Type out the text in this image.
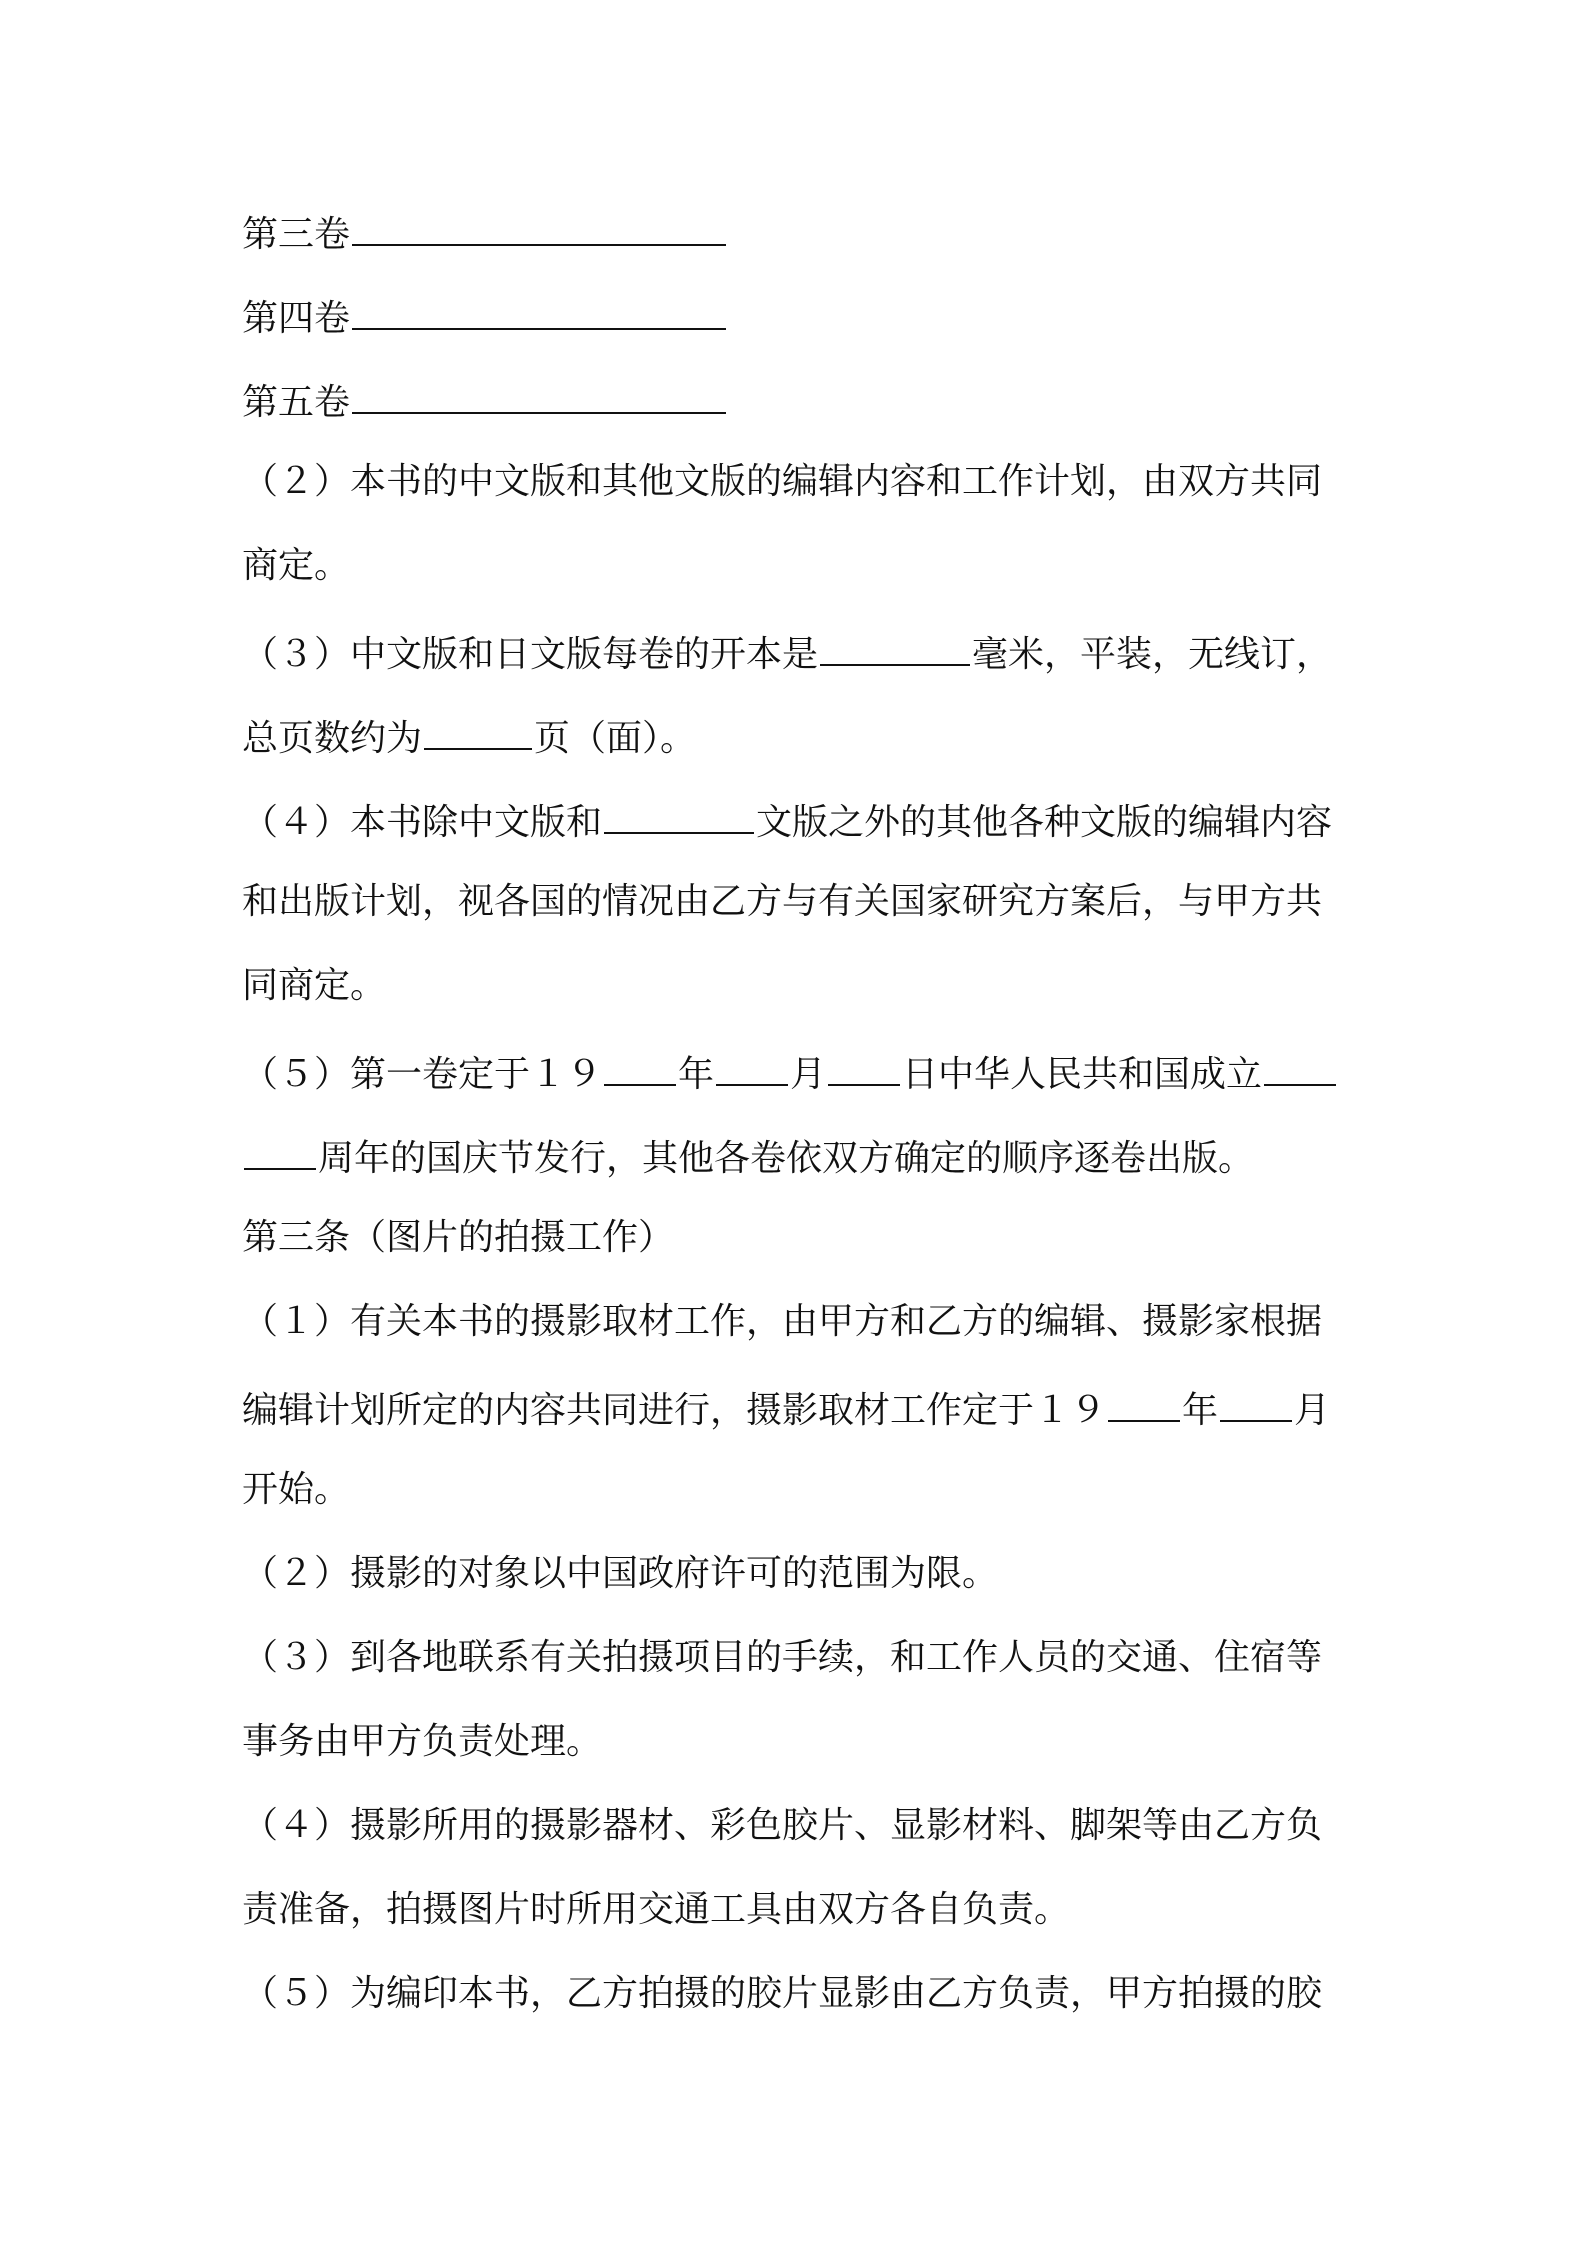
第三卷
第四卷
第五卷
（２）本书的中文版和其他文版的编辑内容和工作计划，由双方共同
商定。
（３）中文版和日文版每卷的开本是	毫米，平装，无线订，
总页数约为	页（面）。
（４）本书除中文版和	文版之外的其他各种文版的编辑内容
和出版计划，视各国的情况由乙方与有关国家研究方案后，与甲方共
同商定。
（５）第一卷定于１９ 年 月 日中华人民共和国成立
周年的国庆节发行，其他各卷依双方确定的顺序逐卷出版。
第三条（图片的拍摄工作）
（１）有关本书的摄影取材工作，由甲方和乙方的编辑、摄影家根据
编辑计划所定的内容共同进行，摄影取材工作定于１９ 年 月
开始。
（２）摄影的对象以中国政府许可的范围为限。
（３）到各地联系有关拍摄项目的手续，和工作人员的交通、住宿等
事务由甲方负责处理。
（４）摄影所用的摄影器材、彩色胶片、显影材料、脚架等由乙方负
责准备，拍摄图片时所用交通工具由双方各自负责。
（５）为编印本书，乙方拍摄的胶片显影由乙方负责，甲方拍摄的胶
